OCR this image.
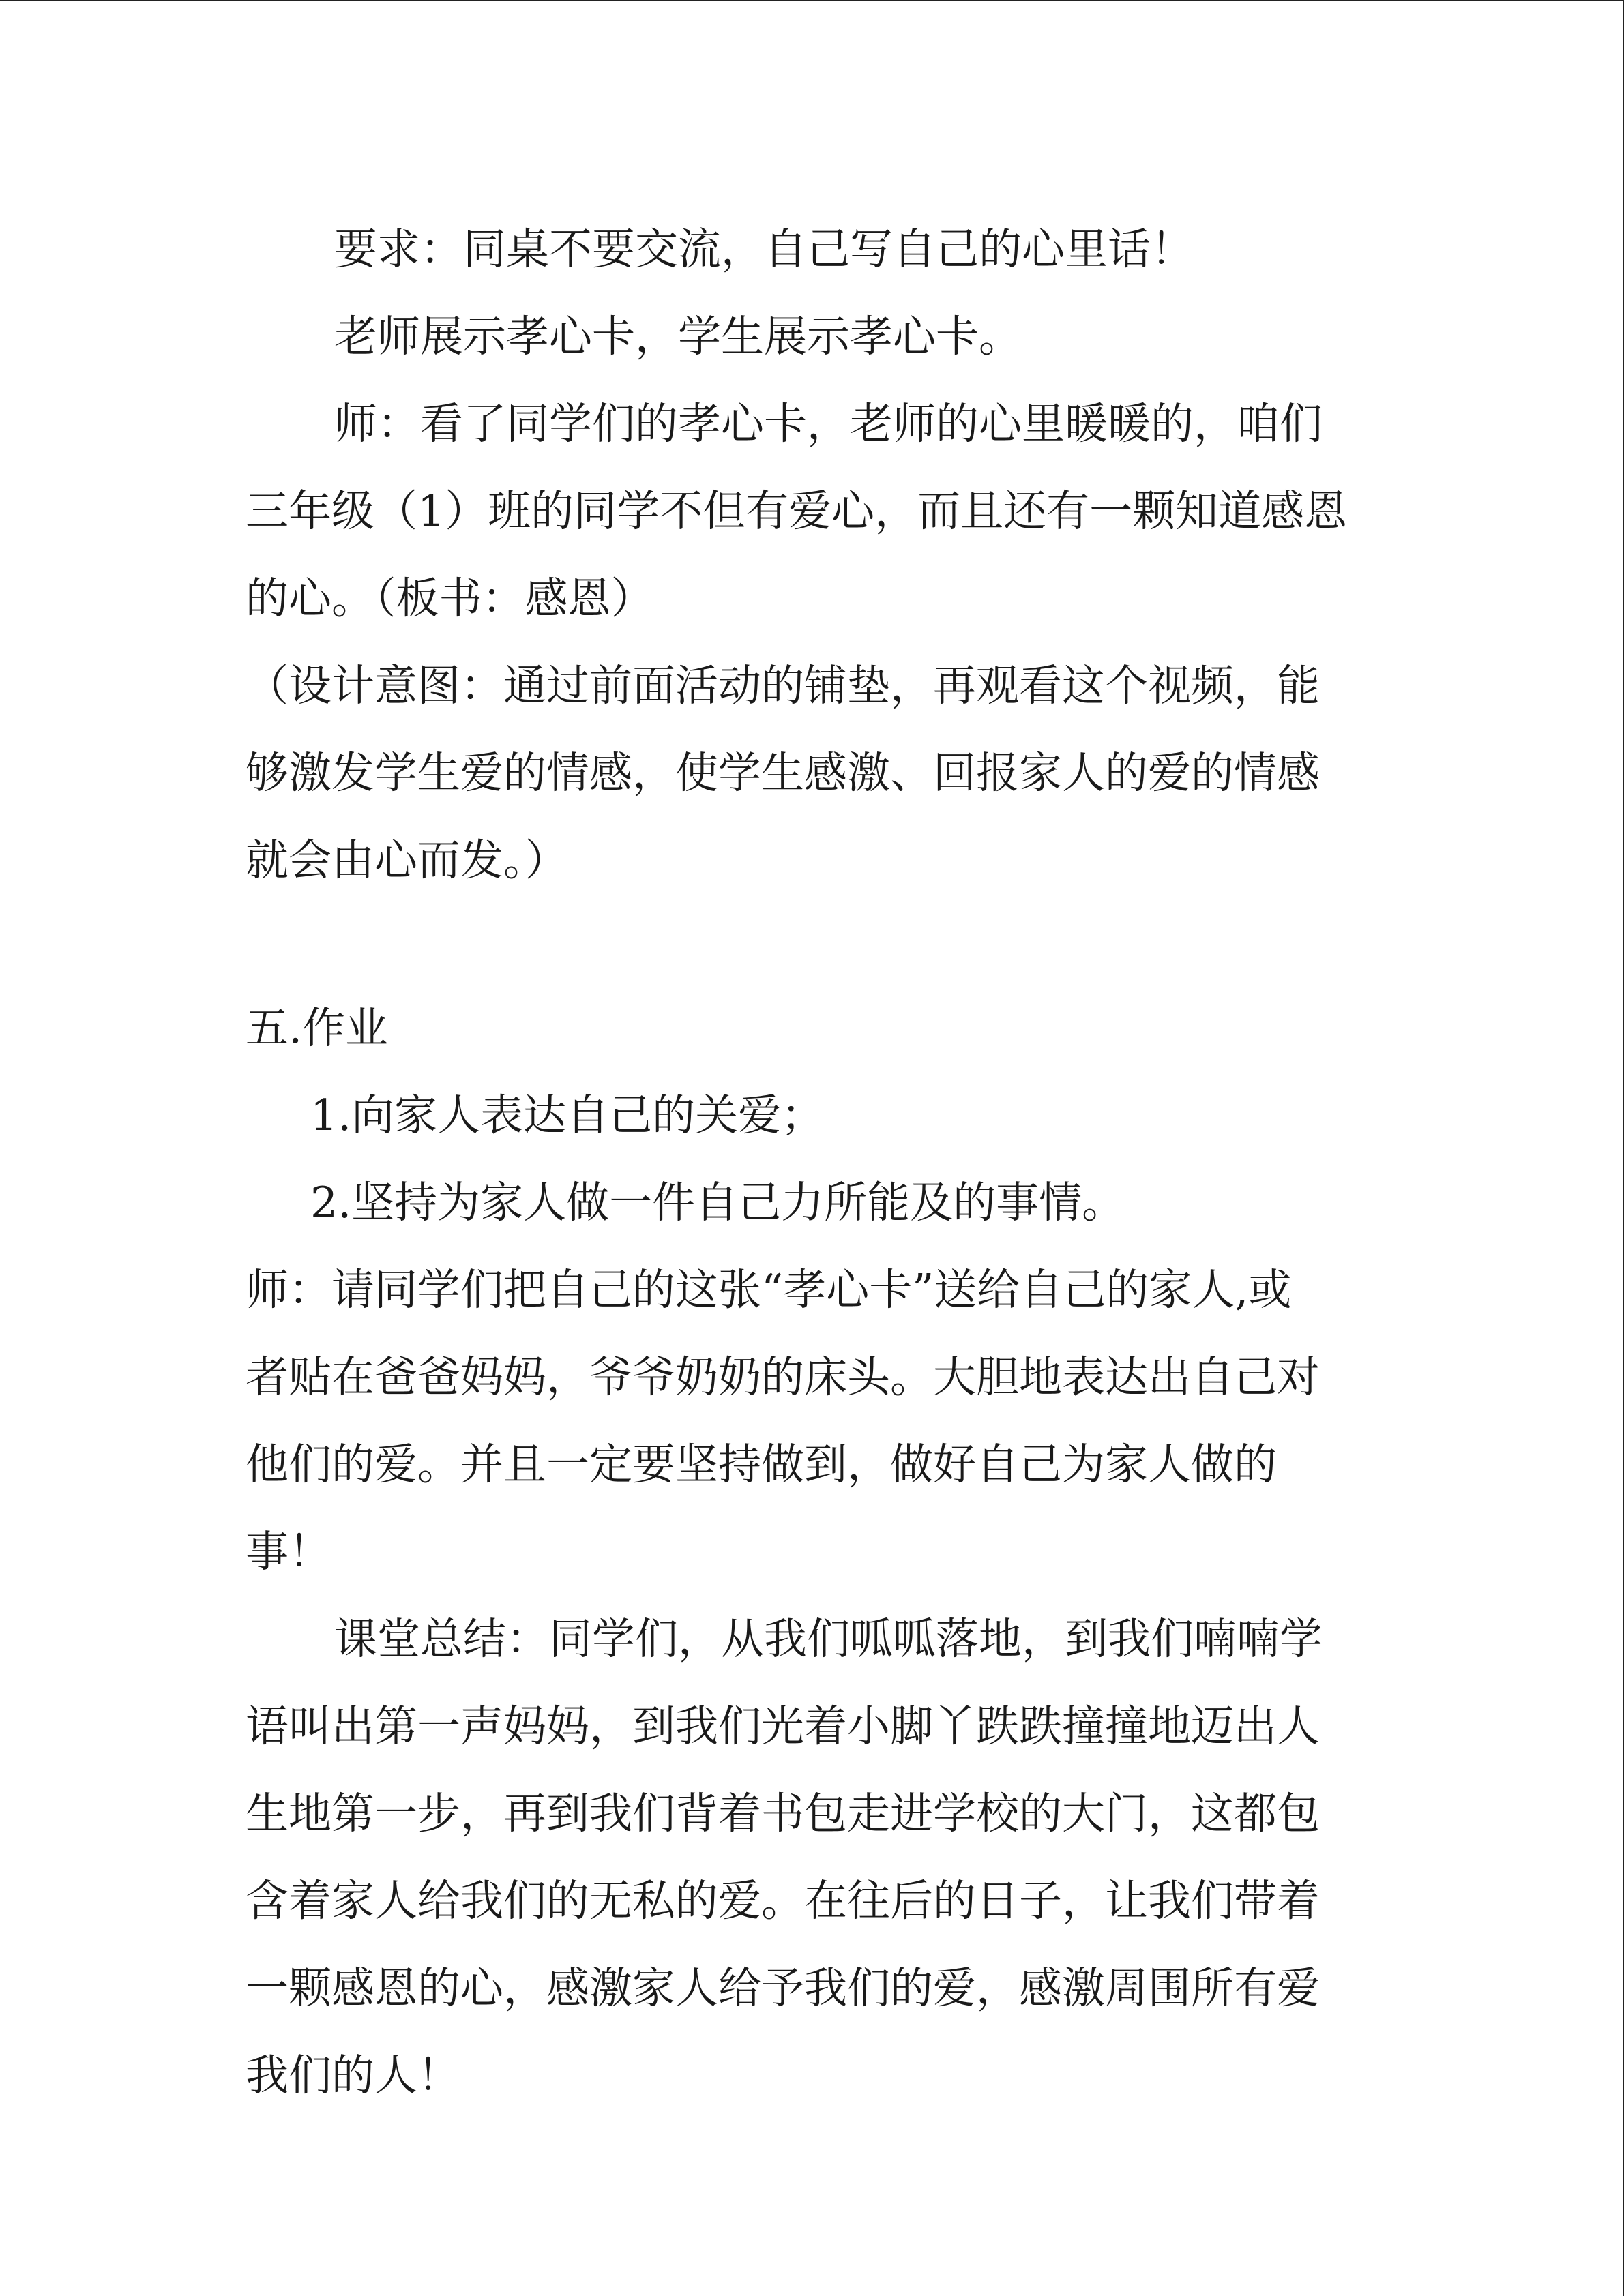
要求：同桌不要交流，自己写自己的心里话！

老师展示孝心卡，学生展示孝心卡。

师：看了同学们的孝心卡，老师的心里暖暖的，咱们
三年级（1）班的同学不但有爱心，而且还有一颗知道感恩
的心。（板书：感恩）
（设计意图：通过前面活动的铺垫，再观看这个视频，能
够激发学生爱的情感，使学生感激、回报家人的爱的情感
就会由心而发。）

五.作业

1.向家人表达自己的关爱；

2.坚持为家人做一件自己力所能及的事情。

师：请同学们把自己的这张“孝心卡”送给自己的家人,或
者贴在爸爸妈妈，爷爷奶奶的床头。大胆地表达出自己对
他们的爱。并且一定要坚持做到，做好自己为家人做的
事！
课堂总结：同学们，从我们呱呱落地，到我们喃喃学
语叫出第一声妈妈，到我们光着小脚丫跌跌撞撞地迈出人
生地第一步，再到我们背着书包走进学校的大门，这都包
含着家人给我们的无私的爱。在往后的日子，让我们带着
一颗感恩的心，感激家人给予我们的爱，感激周围所有爱
我们的人！
